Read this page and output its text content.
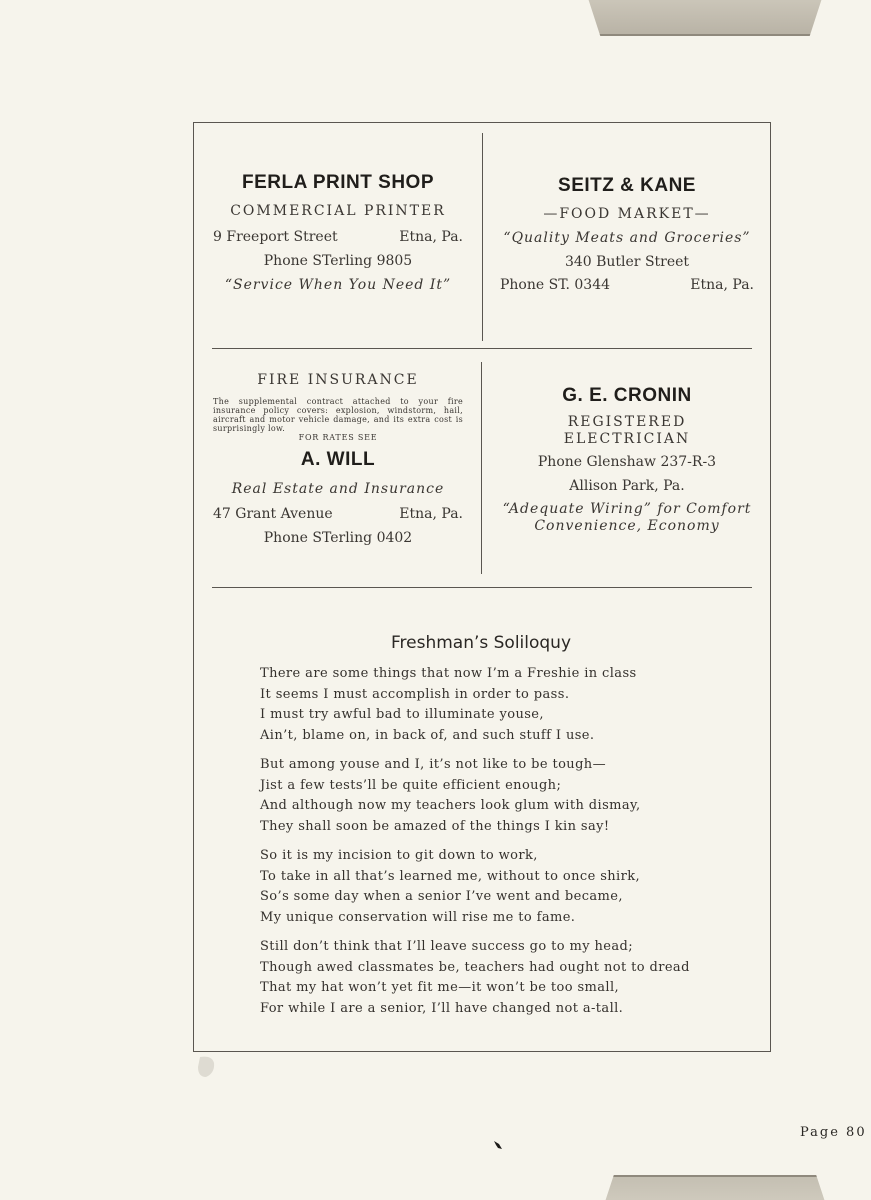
FERLA PRINT SHOP
COMMERCIAL PRINTER
9 Freeport Street	Etna, Pa.
Phone STerling 9805
“Service When You Need It”
SEITZ & KANE
—FOOD MARKET—
“Quality Meats and Groceries”
340 Butler Street
Phone ST. 0344	Etna, Pa.
FIRE INSURANCE
The supplemental contract attached to your fire insurance policy covers: explosion, windstorm, hail, aircraft and motor vehicle damage, and its extra cost is surprisingly low.
FOR RATES SEE
A. WILL
Real Estate and Insurance
47 Grant Avenue	Etna, Pa.
Phone STerling 0402
G. E. CRONIN
REGISTERED
ELECTRICIAN
Phone Glenshaw 237-R-3
Allison Park, Pa.
“Adequate Wiring” for Comfort
Convenience, Economy
Freshman’s Soliloquy
There are some things that now I’m a Freshie in class
It seems I must accomplish in order to pass.
I must try awful bad to illuminate youse,
Ain’t, blame on, in back of, and such stuff I use.
But among youse and I, it’s not like to be tough—
Jist a few tests’ll be quite efficient enough;
And although now my teachers look glum with dismay,
They shall soon be amazed of the things I kin say!
So it is my incision to git down to work,
To take in all that’s learned me, without to once shirk,
So’s some day when a senior I’ve went and became,
My unique conservation will rise me to fame.
Still don’t think that I’ll leave success go to my head;
Though awed classmates be, teachers had ought not to dread
That my hat won’t yet fit me—it won’t be too small,
For while I are a senior, I’ll have changed not a-tall.
Page 80
